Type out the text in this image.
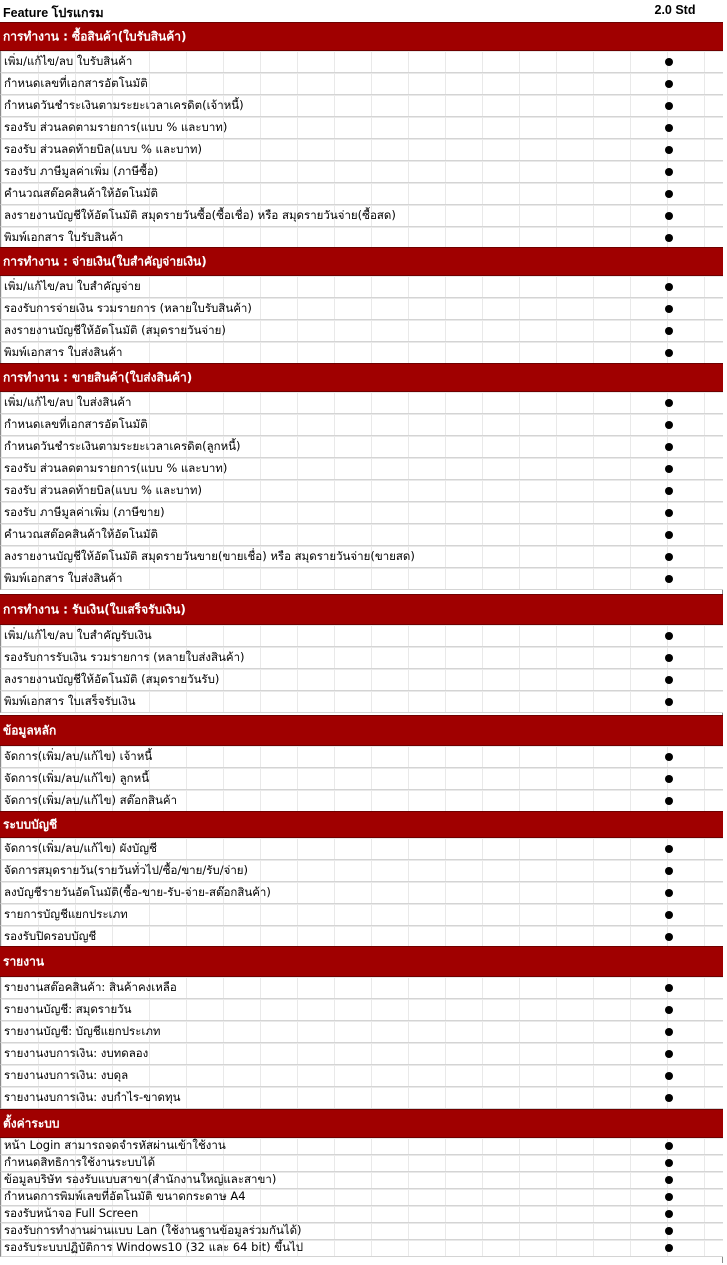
Feature โปรแกรม	2.0 Std
การทำงาน : ซื้อสินค้า(ใบรับสินค้า)
เพิ่ม/แก้ไข/ลบ ใบรับสินค้า
กำหนดเลขที่เอกสารอัตโนมัติ
กำหนดวันชำระเงินตามระยะเวลาเครดิต(เจ้าหนี้)
รองรับ ส่วนลดตามรายการ(แบบ % และบาท)
รองรับ ส่วนลดท้ายบิล(แบบ % และบาท)
รองรับ ภาษีมูลค่าเพิ่ม (ภาษีซื้อ)
คำนวณสต๊อคสินค้าให้อัตโนมัติ
ลงรายงานบัญชีให้อัตโนมัติ สมุดรายวันซื้อ(ซื้อเชื่อ) หรือ สมุดรายวันจ่าย(ซื้อสด)
พิมพ์เอกสาร ใบรับสินค้า
การทำงาน : จ่ายเงิน(ใบสำคัญจ่ายเงิน)
เพิ่ม/แก้ไข/ลบ ใบสำคัญจ่าย
รองรับการจ่ายเงิน รวมรายการ (หลายใบรับสินค้า)
ลงรายงานบัญชีให้อัตโนมัติ (สมุดรายวันจ่าย)
พิมพ์เอกสาร ใบส่งสินค้า
การทำงาน : ขายสินค้า(ใบส่งสินค้า)
เพิ่ม/แก้ไข/ลบ ใบส่งสินค้า
กำหนดเลขที่เอกสารอัตโนมัติ
กำหนดวันชำระเงินตามระยะเวลาเครดิต(ลูกหนี้)
รองรับ ส่วนลดตามรายการ(แบบ % และบาท)
รองรับ ส่วนลดท้ายบิล(แบบ % และบาท)
รองรับ ภาษีมูลค่าเพิ่ม (ภาษีขาย)
คำนวณสต๊อคสินค้าให้อัตโนมัติ
ลงรายงานบัญชีให้อัตโนมัติ สมุดรายวันขาย(ขายเชื่อ) หรือ สมุดรายวันจ่าย(ขายสด)
พิมพ์เอกสาร ใบส่งสินค้า
การทำงาน : รับเงิน(ใบเสร็จรับเงิน)
เพิ่ม/แก้ไข/ลบ ใบสำคัญรับเงิน
รองรับการรับเงิน รวมรายการ (หลายใบส่งสินค้า)
ลงรายงานบัญชีให้อัตโนมัติ (สมุดรายวันรับ)
พิมพ์เอกสาร ใบเสร็จรับเงิน
ข้อมูลหลัก
จัดการ(เพิ่ม/ลบ/แก้ไข) เจ้าหนี้
จัดการ(เพิ่ม/ลบ/แก้ไข) ลูกหนี้
จัดการ(เพิ่ม/ลบ/แก้ไข) สต๊อกสินค้า
ระบบบัญชี
จัดการ(เพิ่ม/ลบ/แก้ไข) ผังบัญชี
จัดการสมุดรายวัน(รายวันทั่วไป/ซื้อ/ขาย/รับ/จ่าย)
ลงบัญชีรายวันอัตโนมัติ(ซื้อ-ขาย-รับ-จ่าย-สต๊อกสินค้า)
รายการบัญชีแยกประเภท
รองรับปิดรอบบัญชี
รายงาน
รายงานสต๊อคสินค้า: สินค้าคงเหลือ
รายงานบัญชี: สมุดรายวัน
รายงานบัญชี: บัญชีแยกประเภท
รายงานงบการเงิน: งบทดลอง
รายงานงบการเงิน: งบดุล
รายงานงบการเงิน: งบกำไร-ขาดทุน
ตั้งค่าระบบ
หน้า Login สามารถจดจำรหัสผ่านเข้าใช้งาน
กำหนดสิทธิการใช้งานระบบได้
ข้อมูลบริษัท รองรับแบบสาขา(สำนักงานใหญ่และสาขา)
กำหนดการพิมพ์เลขที่อัตโนมัติ ขนาดกระดาษ A4
รองรับหน้าจอ Full Screen
รองรับการทำงานผ่านแบบ Lan (ใช้งานฐานข้อมูลร่วมกันได้)
รองรับระบบปฏิบัติการ Windows10 (32 และ 64 bit) ขึ้นไป
